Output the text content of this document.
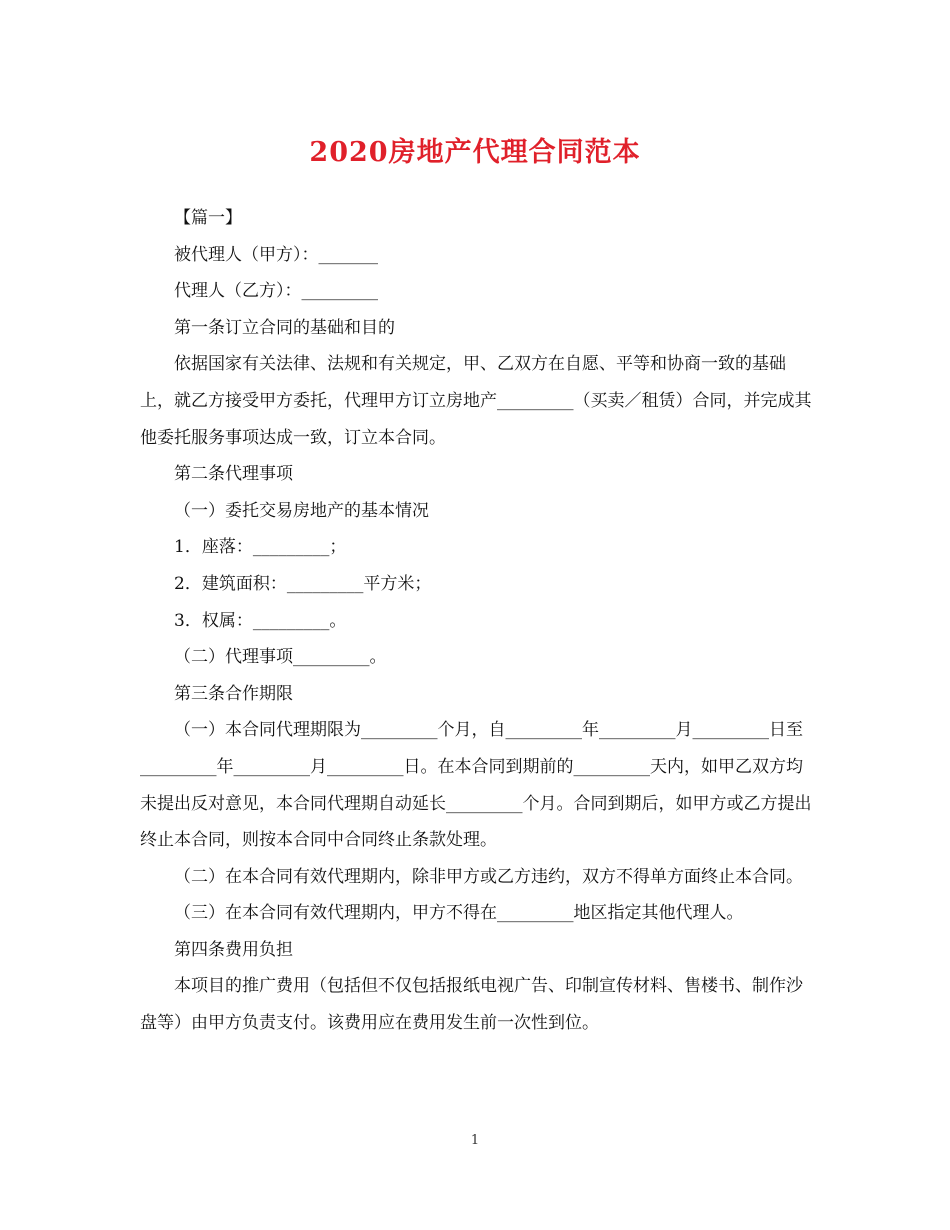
2020房地产代理合同范本

【篇一】

被代理人（甲方）：_______

代理人（乙方）：_________

第一条订立合同的基础和目的

依据国家有关法律、法规和有关规定，甲、乙双方在自愿、平等和协商一致的基础上，就乙方接受甲方委托，代理甲方订立房地产_________（买卖／租赁）合同，并完成其他委托服务事项达成一致，订立本合同。

第二条代理事项

（一）委托交易房地产的基本情况

1．座落：_________；

2．建筑面积：_________平方米；

3．权属：_________。

（二）代理事项_________。

第三条合作期限

（一）本合同代理期限为_________个月，自_________年_________月_________日至_________年_________月_________日。在本合同到期前的_________天内，如甲乙双方均未提出反对意见，本合同代理期自动延长_________个月。合同到期后，如甲方或乙方提出终止本合同，则按本合同中合同终止条款处理。

（二）在本合同有效代理期内，除非甲方或乙方违约，双方不得单方面终止本合同。

（三）在本合同有效代理期内，甲方不得在_________地区指定其他代理人。

第四条费用负担

本项目的推广费用（包括但不仅包括报纸电视广告、印制宣传材料、售楼书、制作沙盘等）由甲方负责支付。该费用应在费用发生前一次性到位。

1
